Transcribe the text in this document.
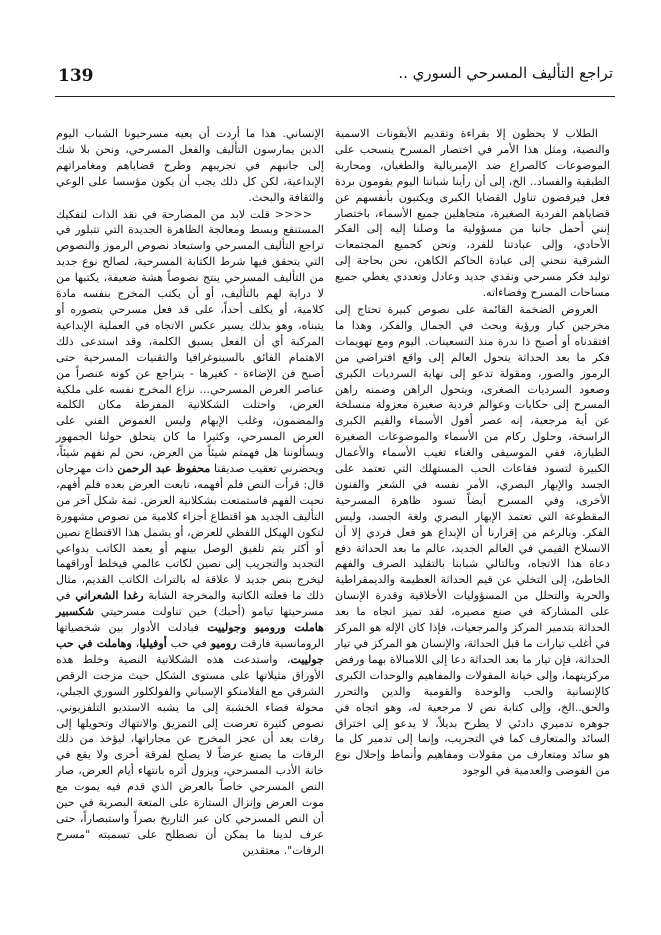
139	تراجع التأليف المسرحي السوري ..

الطلاب لا يحظون إلا بقراءة وتقديم الأيقونات الاسمية والنصية، ومثل هذا الأمر في اختصار المسرح ينسحب على الموضوعات كالصراع ضد الإمبريالية والطغيان، ومحاربة الطبقية والفساد.. الخ، إلى أن رأينا شباننا اليوم يقومون بردة فعل فيرفضون تناول القضايا الكبرى ويكتبون بأنفسهم عن قضاياهم الفردية الصغيرة، متجاهلين جميع الأسماء، باختصار إنني أحمل جانبا من مسؤولية ما وصلنا إليه إلى الفكر الأحادي، وإلى عبادتنا للفرد، ونحن كجميع المجتمعات الشرقية ننحني إلى عبادة الحاكم الكاهن، نحن بحاجة إلى توليد فكر مسرحي ونقدي جديد وعادل وتعددي يغطي جميع مساحات المسرح وفضاءاته.

العروض الضخمة القائمة على نصوص كبيرة تحتاج إلى مخرجين كبار ورؤية وبحث في الجمال والفكر، وهذا ما افتقدناه أو أصبح ذا ندرة منذ التسعينات. اليوم ومع تهويمات فكر ما بعد الحداثة يتحول العالم إلى واقع افتراضي من الرموز والصور، ومقولة تدعو إلى نهاية السرديات الكبرى وصعود السرديات الصغرى، ويتحول الراهن وضمنه راهن المسرح إلى حكايات وعوالم فردية صغيرة معزولة منسلخة عن أية مرجعية، إنه عصر أفول الأسماء والقيم الكبرى الراسخة، وحلول ركام من الأسماء والموضوعات الصغيرة الطيارة، ففي الموسيقى والغناء تغيب الأسماء والأعمال الكبيرة لتسود فقاعات الحب المستهلك التي تعتمد على الجسد والإبهار البصري، الأمر نفسه في الشعر والفنون الأخرى، وفي المسرح أيضاً تسود ظاهرة المسرحية المقطوعة التي تعتمد الإبهار البصري ولغة الجسد، وليس الفكر. وبالرغم من إقرارنا أن الإبداع هو فعل فردي إلا أن الانسلاخ القيمي في العالم الجديد، عالم ما بعد الحداثة دفع دعاة هذا الاتجاه، وبالتالي شبابنا بالتقليد الصرف والفهم الخاطئ، إلى التخلي عن قيم الحداثة العظيمة والديمقراطية والحرية والتحلل من المسؤوليات الأخلاقية وقدرة الإنسان على المشاركة في صنع مصيره، لقد تميز اتجاه ما بعد الحداثة بتدمير المركز والمرجعيات، فإذا كان الإله هو المركز في أغلب تيارات ما قبل الحداثة، والإنسان هو المركز في تيار الحداثة، فإن تيار ما بعد الحداثة دعا إلى اللامبالاة بهما ورفض مركزيتهما، وإلى خيانة المقولات والمفاهيم والوحدات الكبرى كالإنسانية والحب والوحدة والقومية والدين والتحرر والحق..الخ، وإلى كتابة نص لا مرجعية له، وهو اتجاه في جوهره تدميري دادئي لا يطرح بديلاً، لا يدعو إلى اختراق السائد والمتعارف كما في التجريب، وإنما إلى تدمير كل ما هو سائد ومتعارف من مقولات ومفاهيم وأنماط وإحلال نوع من الفوضى والعدمية في الوجود

الإنساني. هذا ما أردت أن يعيه مسرحيونا الشباب اليوم الذين يمارسون التأليف والفعل المسرحي، ونحن بلا شك إلى جانبهم في تجريبهم وطرح قضاياهم ومغامراتهم الإبداعية، لكن كل ذلك يجب أن يكون مؤسسا على الوعي والثقافة والبحث.

<<<< قلت لابد من المصارحة في نقد الذات لتفكيك المستنقع وبسط ومعالجة الظاهرة الجديدة التي تتبلور في تراجع التأليف المسرحي واستبعاد نصوص الرموز والنصوص التي يتحقق فيها شرط الكتابة المسرحية، لصالح نوع جديد من التأليف المسرحي ينتج نصوصاً هشة ضعيفة، يكتبها من لا دراية لهم بالتأليف، أو أن يكتب المخرج بنفسه مادة كلامية، أو يكلف أحداً، على قد فعل مسرحي يتصوره أو يتبناه، وهو بذلك يسير عكس الاتجاه في العملية الإبداعية المركبة أي أن الفعل يسبق الكلمة، وقد استدعى ذلك الاهتمام الفائق بالسينوغرافيا والتقنيات المسرحية حتى أصبح فن الإضاءة - كغيرها - يتراجع عن كونه عنصراً من عناصر العرض المسرحي... نزاع المخرج نفسه على ملكية العرض، واحتلت الشكلانية المفرطة مكان الكلمة والمضمون، وغلب الإبهام وليس الغموض الفني على العرض المسرحي، وكثيرا ما كان يتحلق حولنا الجمهور ويسألوننا هل فهمتم شيئاً من العرض، نحن لم نفهم شيئاً، ويحضرني تعقيب صديقنا محفوظ عبد الرحمن ذات مهرجان قال: قرأت النص فلم أفهمه، تابعت العرض بعده فلم أفهم، نحيت الفهم فاستمتعت بشكلانية العرض. ثمة شكل آخر من التأليف الجديد هو اقتطاع أجزاء كلامية من نصوص مشهورة لتكون الهيكل اللفظي للعرض، أو يشمل هذا الاقتطاع نصين أو أكثر يتم تلفيق الوصل بينهم أو يعمد الكاتب بدواعي التجديد والتجريب إلى نصين لكاتب عالمي فيخلط أوراقهما ليخرج بنص جديد لا علاقة له بالتراث الكاتب القديم، مثال ذلك ما فعلته الكاتبة والمخرجة الشابة رغدا الشعراني في مسرحيتها تيامو (أحبك) حين تناولت مسرحيتي شكسبير هاملت وروميو وجولييت فبادلت الأدوار بين شخصياتها الرومانسية فارقت روميو في حب أوفيليا، وهاملت في حب جولييت، واستدعت هذه الشكلانية النصية وخلط هذه الأوراق مثيلاتها على مستوى الشكل حيث مزجت الرقص الشرقي مع الفلامنكو الإسباني والفولكلور السوري الجبلي، محولة فضاء الخشبة إلى ما يشبه الاستديو التلفزيوني. نصوص كثيرة تعرضت إلى التمزيق والانتهاك وتحويلها إلى رفات بعد أن عجز المخرج عن مجاراتها، ليؤخذ من ذلك الرفات ما يصنع عرضاً لا يصلح لفرقة أخرى ولا يقع في خانة الأدب المسرحي، ويزول أثره بانتهاء أيام العرض، صار النص المسرحي خاصاً بالعرض الذي قدم فيه يموت مع موت العرض وإنزال الستارة على المتعة البصرية في حين أن النص المسرحي كان عبر التاريخ بصراً واستبصاراً، حتى عرف لدينا ما يمكن أن نصطلح على تسميته "مسرح الرفات". معتقدين
